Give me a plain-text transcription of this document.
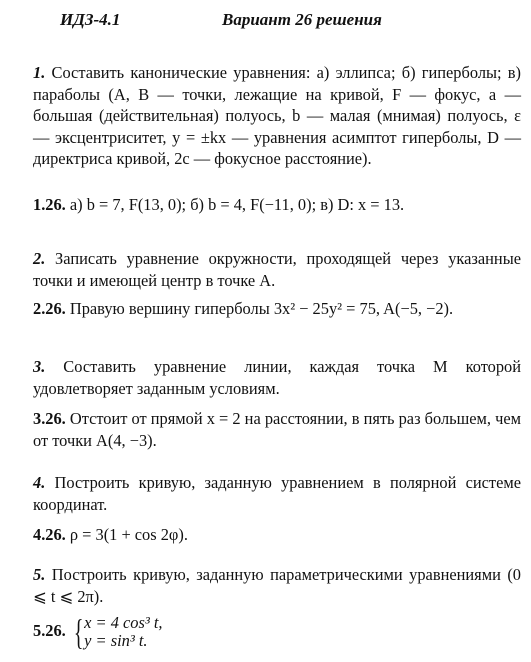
ИДЗ-4.1	Вариант 26 решения
1. Составить канонические уравнения: а) эллипса; б) гиперболы; в) параболы (A, B — точки, лежащие на кривой, F — фокус, a — большая (действительная) полуось, b — малая (мнимая) полуось, ε — эксцентриситет, y = ±kx — уравнения асимптот гиперболы, D — директриса кривой, 2c — фокусное расстояние).
1.26. а) b = 7, F(13, 0); б) b = 4, F(−11, 0); в) D: x = 13.
2. Записать уравнение окружности, проходящей через указанные точки и имеющей центр в точке A.
2.26. Правую вершину гиперболы 3x² − 25y² = 75, A(−5, −2).
3. Составить уравнение линии, каждая точка M которой удовлетворяет заданным условиям.
3.26. Отстоит от прямой x = 2 на расстоянии, в пять раз большем, чем от точки A(4, −3).
4. Построить кривую, заданную уравнением в полярной системе координат.
4.26. ρ = 3(1 + cos 2φ).
5. Построить кривую, заданную параметрическими уравнениями (0 ⩽ t ⩽ 2π).
5.26. { x = 4 cos³ t,
y = sin³ t.
